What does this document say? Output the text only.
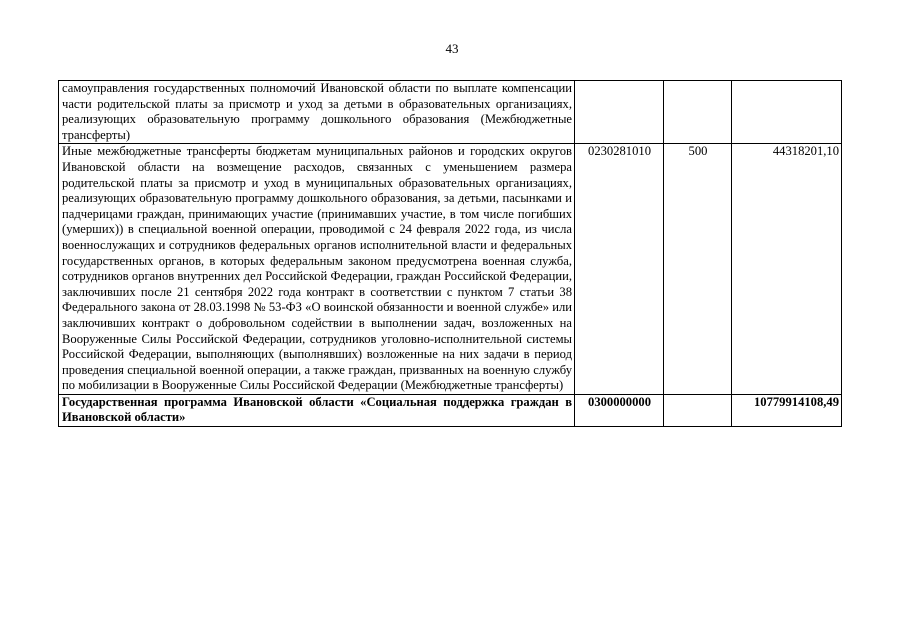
43
самоуправления государственных полномочий Ивановской области по выплате компенсации части родительской платы за присмотр и уход за детьми в образовательных организациях, реализующих образовательную программу дошкольного образования (Межбюджетные трансферты)			
Иные межбюджетные трансферты бюджетам муниципальных районов и городских округов Ивановской области на возмещение расходов, связанных с уменьшением размера родительской платы за присмотр и уход в муниципальных образовательных организациях, реализующих образовательную программу дошкольного образования, за детьми, пасынками и падчерицами граждан, принимающих участие (принимавших участие, в том числе погибших (умерших)) в специальной военной операции, проводимой с 24 февраля 2022 года, из числа военнослужащих и сотрудников федеральных органов исполнительной власти и федеральных государственных органов, в которых федеральным законом предусмотрена военная служба, сотрудников органов внутренних дел Российской Федерации, граждан Российской Федерации, заключивших после 21 сентября 2022 года контракт в соответствии с пунктом 7 статьи 38 Федерального закона от 28.03.1998 № 53-ФЗ «О воинской обязанности и военной службе» или заключивших контракт о добровольном содействии в выполнении задач, возложенных на Вооруженные Силы Российской Федерации, сотрудников уголовно-исполнительной системы Российской Федерации, выполняющих (выполнявших) возложенные на них задачи в период проведения специальной военной операции, а также граждан, призванных на военную службу по мобилизации в Вооруженные Силы Российской Федерации (Межбюджетные трансферты)	0230281010	500	44318201,10
Государственная программа Ивановской области «Социальная поддержка граждан в Ивановской области»	0300000000		10779914108,49
